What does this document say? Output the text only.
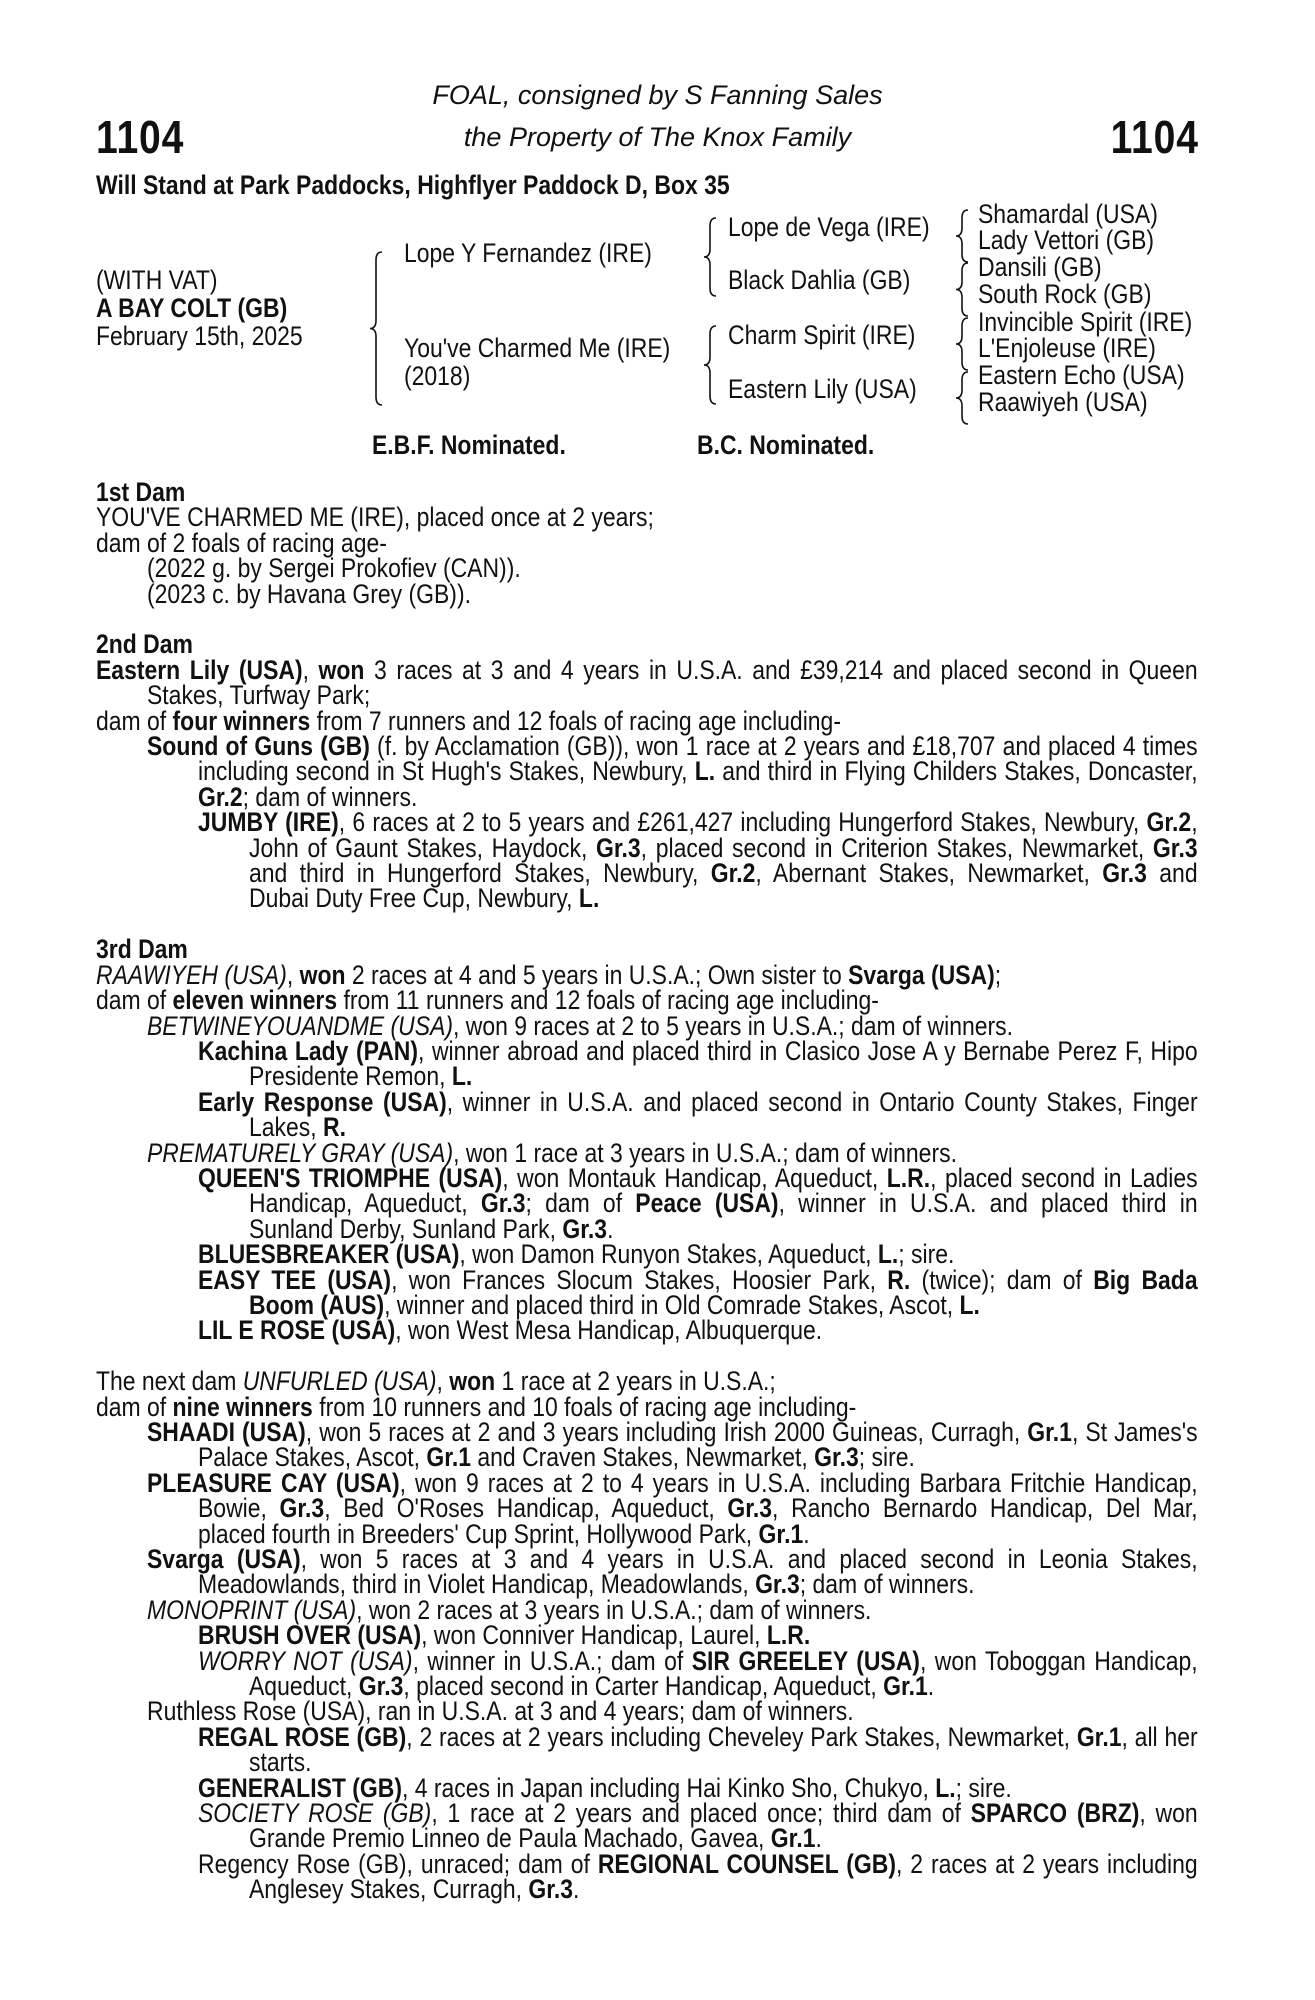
1104	1104
FOAL, consigned by S Fanning Sales
the Property of The Knox Family
Will Stand at Park Paddocks, Highflyer Paddock D, Box 35
(WITH VAT)
A BAY COLT (GB)
February 15th, 2025
Lope Y Fernandez (IRE)
You've Charmed Me (IRE)
(2018)
Lope de Vega (IRE)
Black Dahlia (GB)
Charm Spirit (IRE)
Eastern Lily (USA)
Shamardal (USA)
Lady Vettori (GB)
Dansili (GB)
South Rock (GB)
Invincible Spirit (IRE)
L'Enjoleuse (IRE)
Eastern Echo (USA)
Raawiyeh (USA)
E.B.F. Nominated.	B.C. Nominated.
1st Dam

YOU'VE CHARMED ME (IRE), placed once at 2 years;

dam of 2 foals of racing age-

(2022 g. by Sergei Prokofiev (CAN)).

(2023 c. by Havana Grey (GB)).

2nd Dam

Eastern Lily (USA), won 3 races at 3 and 4 years in U.S.A. and £39,214 and placed second in Queen Stakes, Turfway Park;

dam of four winners from 7 runners and 12 foals of racing age including-

Sound of Guns (GB) (f. by Acclamation (GB)), won 1 race at 2 years and £18,707 and placed 4 times including second in St Hugh's Stakes, Newbury, L. and third in Flying Childers Stakes, Doncaster, Gr.2; dam of winners.

JUMBY (IRE), 6 races at 2 to 5 years and £261,427 including Hungerford Stakes, Newbury, Gr.2, John of Gaunt Stakes, Haydock, Gr.3, placed second in Criterion Stakes, Newmarket, Gr.3 and third in Hungerford Stakes, Newbury, Gr.2, Abernant Stakes, Newmarket, Gr.3 and Dubai Duty Free Cup, Newbury, L.

3rd Dam

RAAWIYEH (USA), won 2 races at 4 and 5 years in U.S.A.; Own sister to Svarga (USA);

dam of eleven winners from 11 runners and 12 foals of racing age including-

BETWINEYOUANDME (USA), won 9 races at 2 to 5 years in U.S.A.; dam of winners.

Kachina Lady (PAN), winner abroad and placed third in Clasico Jose A y Bernabe Perez F, Hipo Presidente Remon, L.

Early Response (USA), winner in U.S.A. and placed second in Ontario County Stakes, Finger Lakes, R.

PREMATURELY GRAY (USA), won 1 race at 3 years in U.S.A.; dam of winners.

QUEEN'S TRIOMPHE (USA), won Montauk Handicap, Aqueduct, L.R., placed second in Ladies Handicap, Aqueduct, Gr.3; dam of Peace (USA), winner in U.S.A. and placed third in Sunland Derby, Sunland Park, Gr.3.

BLUESBREAKER (USA), won Damon Runyon Stakes, Aqueduct, L.; sire.

EASY TEE (USA), won Frances Slocum Stakes, Hoosier Park, R. (twice); dam of Big Bada Boom (AUS), winner and placed third in Old Comrade Stakes, Ascot, L.

LIL E ROSE (USA), won West Mesa Handicap, Albuquerque.

The next dam UNFURLED (USA), won 1 race at 2 years in U.S.A.;

dam of nine winners from 10 runners and 10 foals of racing age including-

SHAADI (USA), won 5 races at 2 and 3 years including Irish 2000 Guineas, Curragh, Gr.1, St James's Palace Stakes, Ascot, Gr.1 and Craven Stakes, Newmarket, Gr.3; sire.

PLEASURE CAY (USA), won 9 races at 2 to 4 years in U.S.A. including Barbara Fritchie Handicap, Bowie, Gr.3, Bed O'Roses Handicap, Aqueduct, Gr.3, Rancho Bernardo Handicap, Del Mar, placed fourth in Breeders' Cup Sprint, Hollywood Park, Gr.1.

Svarga (USA), won 5 races at 3 and 4 years in U.S.A. and placed second in Leonia Stakes, Meadowlands, third in Violet Handicap, Meadowlands, Gr.3; dam of winners.

MONOPRINT (USA), won 2 races at 3 years in U.S.A.; dam of winners.

BRUSH OVER (USA), won Conniver Handicap, Laurel, L.R.

WORRY NOT (USA), winner in U.S.A.; dam of SIR GREELEY (USA), won Toboggan Handicap, Aqueduct, Gr.3, placed second in Carter Handicap, Aqueduct, Gr.1.

Ruthless Rose (USA), ran in U.S.A. at 3 and 4 years; dam of winners.

REGAL ROSE (GB), 2 races at 2 years including Cheveley Park Stakes, Newmarket, Gr.1, all her starts.

GENERALIST (GB), 4 races in Japan including Hai Kinko Sho, Chukyo, L.; sire.

SOCIETY ROSE (GB), 1 race at 2 years and placed once; third dam of SPARCO (BRZ), won Grande Premio Linneo de Paula Machado, Gavea, Gr.1.

Regency Rose (GB), unraced; dam of REGIONAL COUNSEL (GB), 2 races at 2 years including Anglesey Stakes, Curragh, Gr.3.
